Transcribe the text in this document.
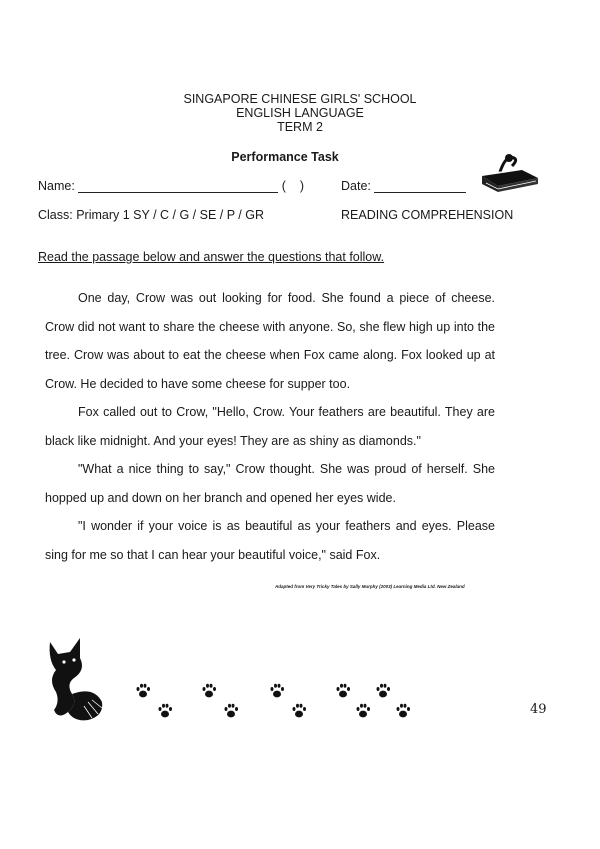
SINGAPORE CHINESE GIRLS' SCHOOL
ENGLISH LANGUAGE
TERM 2
Performance Task
Name:	(    )	Date:
Class: Primary 1 SY / C / G / SE / P / GR	READING COMPREHENSION
Read the passage below and answer the questions that follow.

One day, Crow was out looking for food. She found a piece of cheese. Crow did not want to share the cheese with anyone. So, she flew high up into the tree. Crow was about to eat the cheese when Fox came along. Fox looked up at Crow. He decided to have some cheese for supper too.

Fox called out to Crow, "Hello, Crow. Your feathers are beautiful. They are black like midnight. And your eyes! They are as shiny as diamonds."

"What a nice thing to say," Crow thought. She was proud of herself. She hopped up and down on her branch and opened her eyes wide.

"I wonder if your voice is as beautiful as your feathers and eyes. Please sing for me so that I can hear your beautiful voice," said Fox.

Adapted from Very Tricky Tales by Sally Murphy (2003) Learning Media Ltd. New Zealand
49
